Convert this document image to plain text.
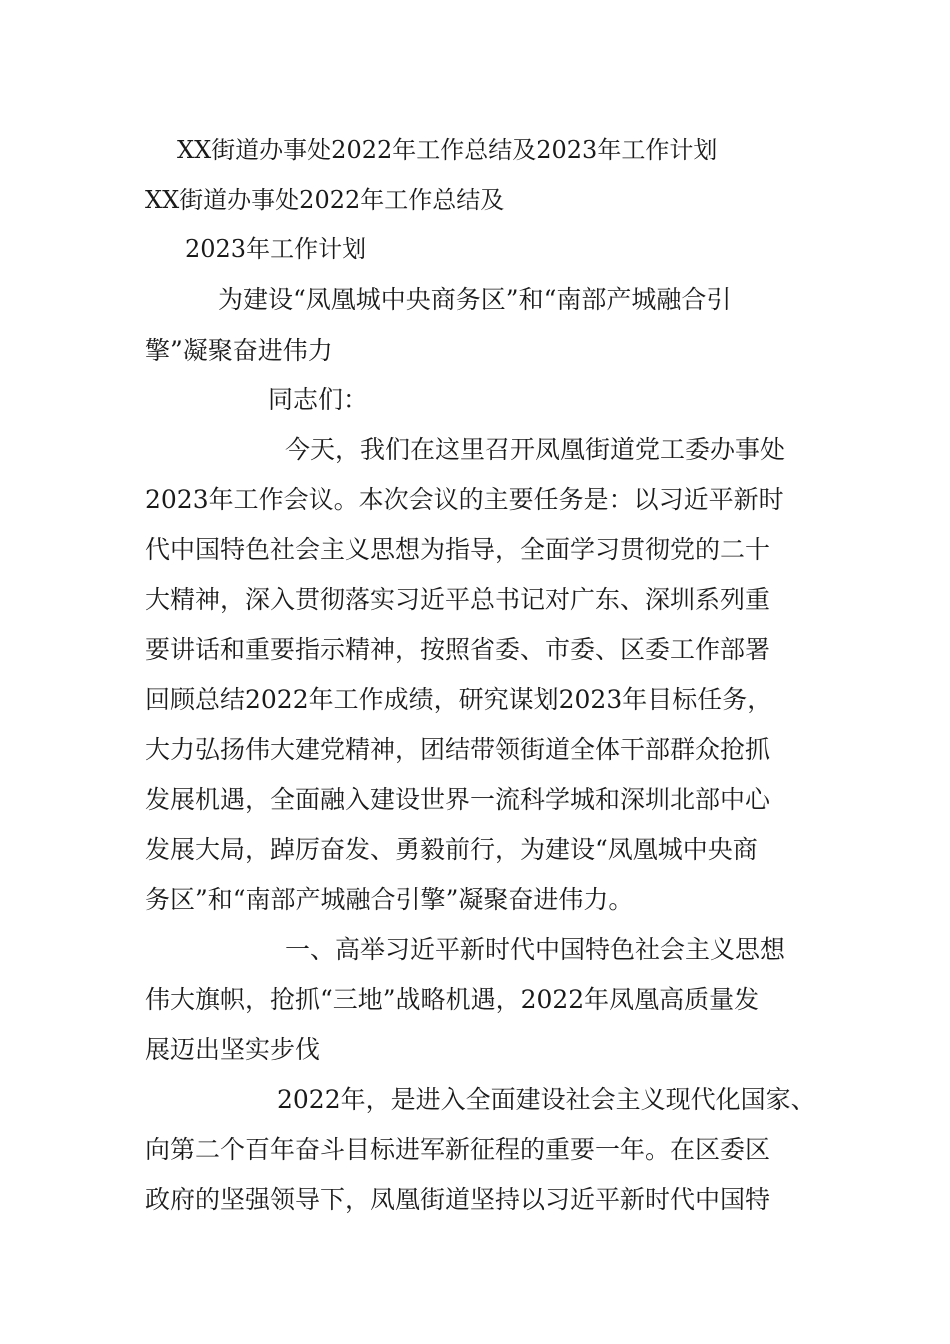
XX街道办事处2022年工作总结及2023年工作计划

XX街道办事处2022年工作总结及

2023年工作计划

为建设“凤凰城中央商务区”和“南部产城融合引

擎”凝聚奋进伟力

同志们：

今天，我们在这里召开凤凰街道党工委办事处

2023年工作会议。本次会议的主要任务是：以习近平新时

代中国特色社会主义思想为指导，全面学习贯彻党的二十

大精神，深入贯彻落实习近平总书记对广东、深圳系列重

要讲话和重要指示精神，按照省委、市委、区委工作部署

回顾总结2022年工作成绩，研究谋划2023年目标任务，

大力弘扬伟大建党精神，团结带领街道全体干部群众抢抓

发展机遇，全面融入建设世界一流科学城和深圳北部中心

发展大局，踔厉奋发、勇毅前行，为建设“凤凰城中央商

务区”和“南部产城融合引擎”凝聚奋进伟力。

一、高举习近平新时代中国特色社会主义思想

伟大旗帜，抢抓“三地”战略机遇，2022年凤凰高质量发

展迈出坚实步伐

2022年，是进入全面建设社会主义现代化国家、

向第二个百年奋斗目标进军新征程的重要一年。在区委区

政府的坚强领导下，凤凰街道坚持以习近平新时代中国特
